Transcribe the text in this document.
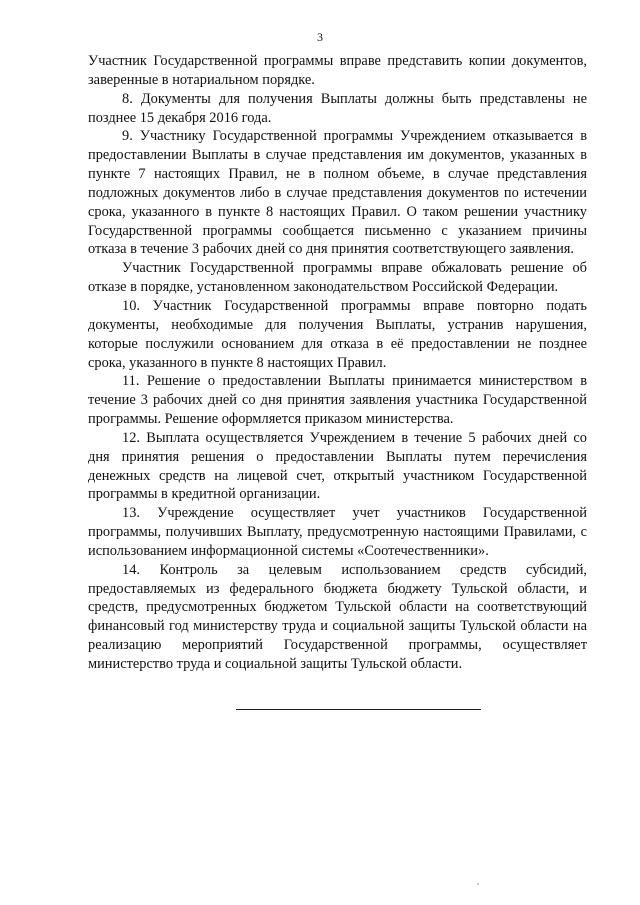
3

Участник Государственной программы вправе представить копии документов, заверенные в нотариальном порядке.

8. Документы для получения Выплаты должны быть представлены не позднее 15 декабря 2016 года.

9. Участнику Государственной программы Учреждением отказывается в предоставлении Выплаты в случае представления им документов, указанных в пункте 7 настоящих Правил, не в полном объеме, в случае представления подложных документов либо в случае представления документов по истечении срока, указанного в пункте 8 настоящих Правил. О таком решении участнику Государственной программы сообщается письменно с указанием причины отказа в течение 3 рабочих дней со дня принятия соответствующего заявления.

Участник Государственной программы вправе обжаловать решение об отказе в порядке, установленном законодательством Российской Федерации.

10. Участник Государственной программы вправе повторно подать документы, необходимые для получения Выплаты, устранив нарушения, которые послужили основанием для отказа в её предоставлении не позднее срока, указанного в пункте 8 настоящих Правил.

11. Решение о предоставлении Выплаты принимается министерством в течение 3 рабочих дней со дня принятия заявления участника Государственной программы. Решение оформляется приказом министерства.

12. Выплата осуществляется Учреждением в течение 5 рабочих дней со дня принятия решения о предоставлении Выплаты путем перечисления денежных средств на лицевой счет, открытый участником Государственной программы в кредитной организации.

13. Учреждение осуществляет учет участников Государственной программы, получивших Выплату, предусмотренную настоящими Правилами, с использованием информационной системы «Соотечественники».

14. Контроль за целевым использованием средств субсидий, предоставляемых из федерального бюджета бюджету Тульской области, и средств, предусмотренных бюджетом Тульской области на соответствующий финансовый год министерству труда и социальной защиты Тульской области на реализацию мероприятий Государственной программы, осуществляет министерство труда и социальной защиты Тульской области.
